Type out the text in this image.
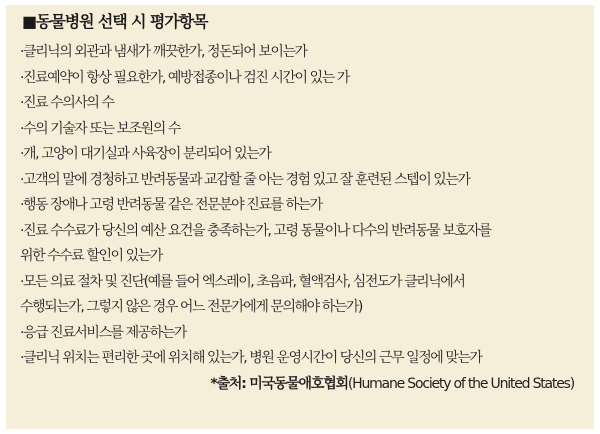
■동물병원 선택 시 평가항목
·클리닉의 외관과 냄새가 깨끗한가, 정돈되어 보이는가
·진료예약이 항상 필요한가, 예방접종이나 검진 시간이 있는 가
·진료 수의사의 수
·수의 기술자 또는 보조원의 수
·개, 고양이 대기실과 사육장이 분리되어 있는가
·고객의 말에 경청하고 반려동물과 교감할 줄 아는 경험 있고 잘 훈련된 스텝이 있는가
·행동 장애나 고령 반려동물 같은 전문분야 진료를 하는가
·진료 수수료가 당신의 예산 요건을 충족하는가, 고령 동물이나 다수의 반려동물 보호자를
위한 수수료 할인이 있는가
·모든 의료 절차 및 진단(예를 들어 엑스레이, 초음파, 혈액검사, 심전도가 클리닉에서
수행되는가, 그렇지 않은 경우 어느 전문가에게 문의해야 하는가)
·응급 진료서비스를 제공하는가
·클리닉 위치는 편리한 곳에 위치해 있는가, 병원 운영시간이 당신의 근무 일정에 맞는가
*출처: 미국동물애호협회(Humane Society of the United States)
